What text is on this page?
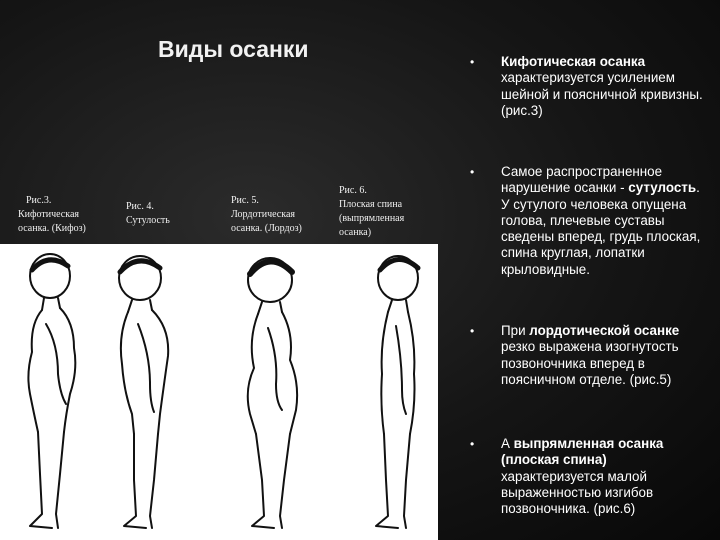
Виды осанки
Рис.3.
Кифотическая
осанка. (Кифоз)
Рис. 4.
Сутулость
Рис. 5.
Лордотическая
осанка. (Лордоз)
Рис. 6.
Плоская спина
(выпрямленная
осанка)
• Кифотическая осанка характеризуется усилением шейной и поясничной кривизны.(рис.3)
• Самое распространенное нарушение осанки - сутулость. У сутулого человека опущена голова, плечевые суставы сведены вперед, грудь плоская, спина круглая, лопатки крыловидные.
• При лордотической осанке резко выражена изогнутость позвоночника вперед в поясничном отделе. (рис.5)
• А выпрямленная осанка (плоская спина) характеризуется малой выраженностью изгибов позвоночника. (рис.6)
